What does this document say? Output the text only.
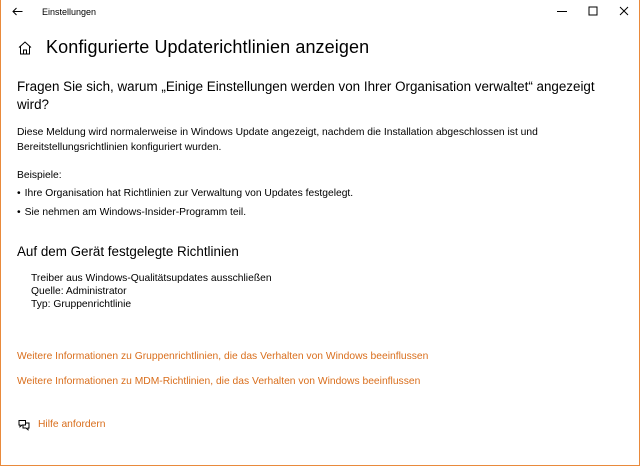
Einstellungen
Konfigurierte Updaterichtlinien anzeigen
Fragen Sie sich, warum „Einige Einstellungen werden von Ihrer Organisation verwaltet“ angezeigt wird?
Diese Meldung wird normalerweise in Windows Update angezeigt, nachdem die Installation abgeschlossen ist und Bereitstellungsrichtlinien konfiguriert wurden.
Beispiele:
• Ihre Organisation hat Richtlinien zur Verwaltung von Updates festgelegt.
• Sie nehmen am Windows-Insider-Programm teil.
Auf dem Gerät festgelegte Richtlinien
Treiber aus Windows-Qualitätsupdates ausschließen
Quelle: Administrator
Typ: Gruppenrichtlinie
Weitere Informationen zu Gruppenrichtlinien, die das Verhalten von Windows beeinflussen
Weitere Informationen zu MDM-Richtlinien, die das Verhalten von Windows beeinflussen
Hilfe anfordern
